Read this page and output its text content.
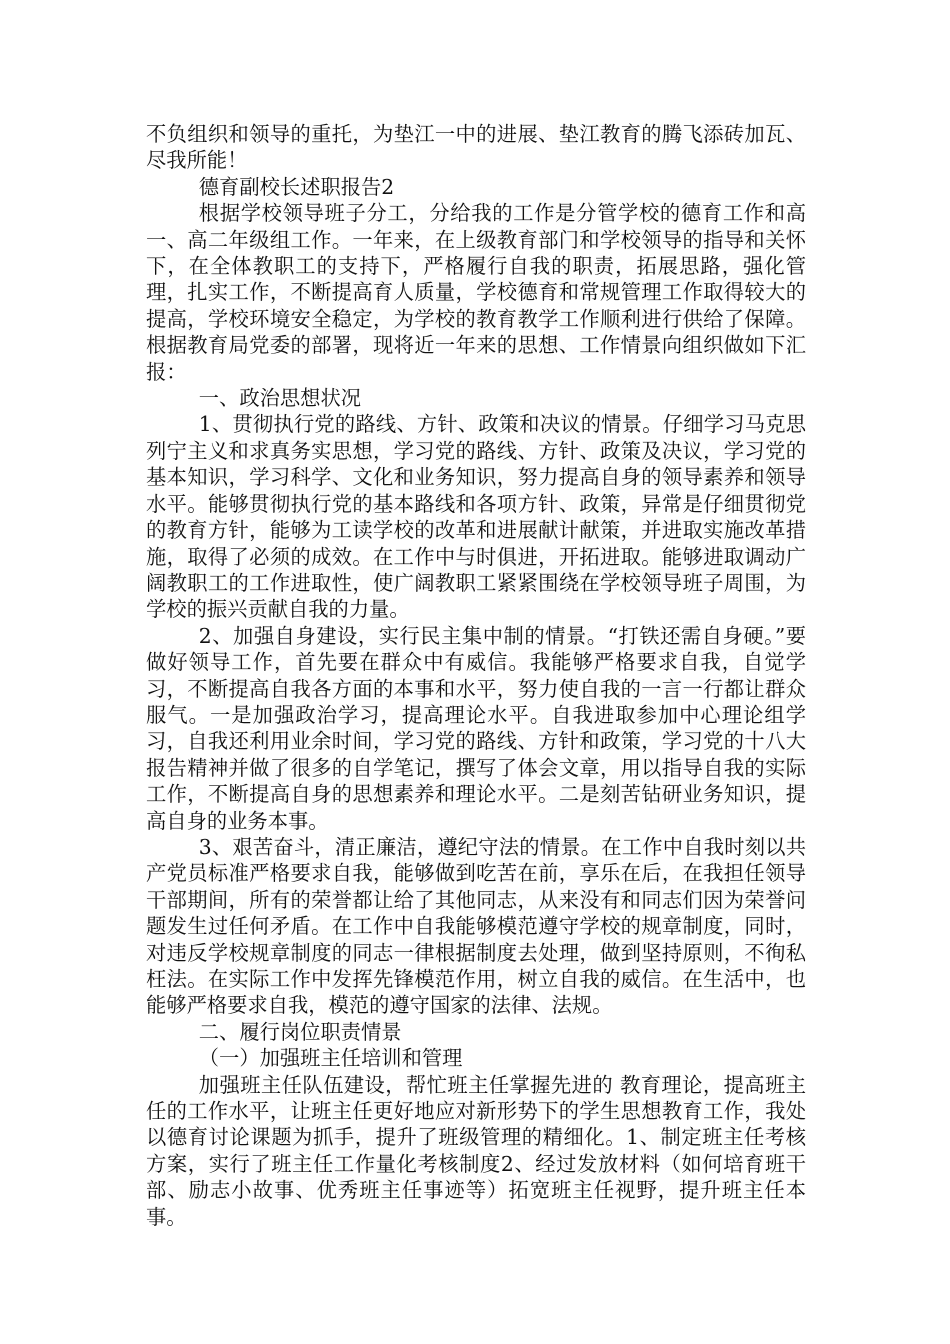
不负组织和领导的重托，为垫江一中的进展、垫江教育的腾飞添砖加瓦、尽我所能！

德育副校长述职报告2

根据学校领导班子分工，分给我的工作是分管学校的德育工作和高一、高二年级组工作。一年来，在上级教育部门和学校领导的指导和关怀下，在全体教职工的支持下，严格履行自我的职责，拓展思路，强化管理，扎实工作，不断提高育人质量，学校德育和常规管理工作取得较大的提高，学校环境安全稳定，为学校的教育教学工作顺利进行供给了保障。根据教育局党委的部署，现将近一年来的思想、工作情景向组织做如下汇报：

一、政治思想状况

1、贯彻执行党的路线、方针、政策和决议的情景。仔细学习马克思列宁主义和求真务实思想，学习党的路线、方针、政策及决议，学习党的基本知识，学习科学、文化和业务知识，努力提高自身的领导素养和领导水平。能够贯彻执行党的基本路线和各项方针、政策，异常是仔细贯彻党的教育方针，能够为工读学校的改革和进展献计献策，并进取实施改革措施，取得了必须的成效。在工作中与时俱进，开拓进取。能够进取调动广阔教职工的工作进取性，使广阔教职工紧紧围绕在学校领导班子周围，为学校的振兴贡献自我的力量。

2、加强自身建设，实行民主集中制的情景。“打铁还需自身硬。”要做好领导工作，首先要在群众中有威信。我能够严格要求自我，自觉学习，不断提高自我各方面的本事和水平，努力使自我的一言一行都让群众服气。一是加强政治学习，提高理论水平。自我进取参加中心理论组学习，自我还利用业余时间，学习党的路线、方针和政策，学习党的十八大报告精神并做了很多的自学笔记，撰写了体会文章，用以指导自我的实际工作，不断提高自身的思想素养和理论水平。二是刻苦钻研业务知识，提高自身的业务本事。

3、艰苦奋斗，清正廉洁，遵纪守法的情景。在工作中自我时刻以共产党员标准严格要求自我，能够做到吃苦在前，享乐在后，在我担任领导干部期间，所有的荣誉都让给了其他同志，从来没有和同志们因为荣誉问题发生过任何矛盾。在工作中自我能够模范遵守学校的规章制度，同时，对违反学校规章制度的同志一律根据制度去处理，做到坚持原则，不徇私枉法。在实际工作中发挥先锋模范作用，树立自我的威信。在生活中，也能够严格要求自我，模范的遵守国家的法律、法规。

二、履行岗位职责情景

（一）加强班主任培训和管理

加强班主任队伍建设，帮忙班主任掌握先进的 教育理论，提高班主任的工作水平，让班主任更好地应对新形势下的学生思想教育工作，我处以德育讨论课题为抓手，提升了班级管理的精细化。1、制定班主任考核方案，实行了班主任工作量化考核制度2、经过发放材料（如何培育班干部、励志小故事、优秀班主任事迹等）拓宽班主任视野，提升班主任本事。
